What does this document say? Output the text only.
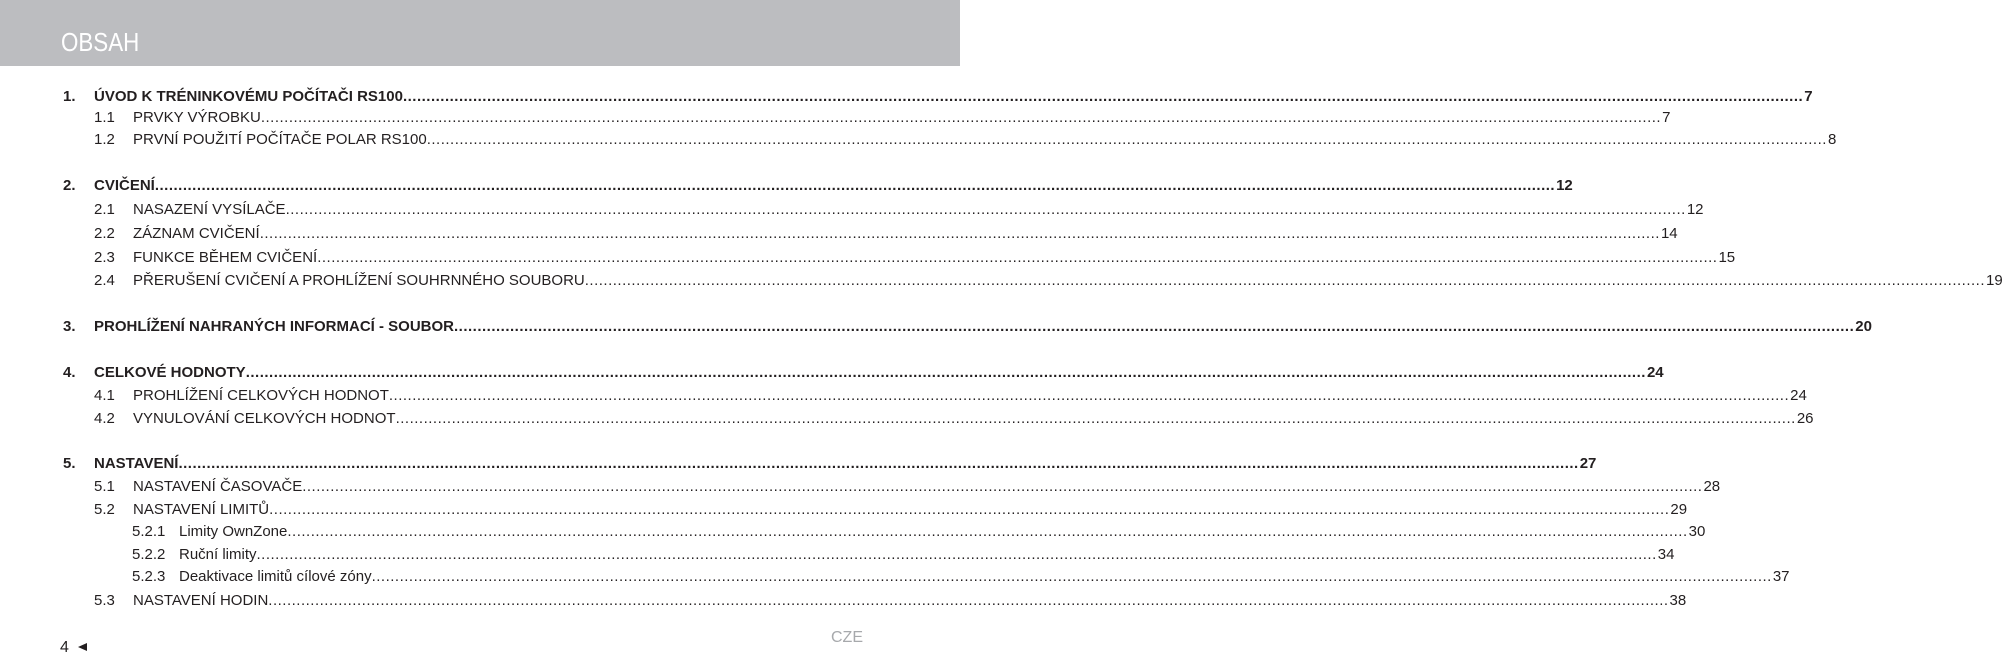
OBSAH
1. ÚVOD K TRÉNINKOVÉMU POČÍTAČI RS100 ............................................................................................................................................................................................................................................................................................................ 7
1.1 PRVKY VÝROBKU ............................................................................................................................................................................................................................................................................................................ 7
1.2 PRVNÍ POUŽITÍ POČÍTAČE POLAR RS100 ............................................................................................................................................................................................................................................................................................................ 8
2. CVIČENÍ ............................................................................................................................................................................................................................................................................................................ 12
2.1 NASAZENÍ VYSÍLAČE ............................................................................................................................................................................................................................................................................................................ 12
2.2 ZÁZNAM CVIČENÍ ............................................................................................................................................................................................................................................................................................................ 14
2.3 FUNKCE BĚHEM CVIČENÍ ............................................................................................................................................................................................................................................................................................................ 15
2.4 PŘERUŠENÍ CVIČENÍ A PROHLÍŽENÍ SOUHRNNÉHO SOUBORU ............................................................................................................................................................................................................................................................................................................ 19
3. PROHLÍŽENÍ NAHRANÝCH INFORMACÍ - SOUBOR ............................................................................................................................................................................................................................................................................................................ 20
4. CELKOVÉ HODNOTY ............................................................................................................................................................................................................................................................................................................ 24
4.1 PROHLÍŽENÍ CELKOVÝCH HODNOT ............................................................................................................................................................................................................................................................................................................ 24
4.2 VYNULOVÁNÍ CELKOVÝCH HODNOT ............................................................................................................................................................................................................................................................................................................ 26
5. NASTAVENÍ ............................................................................................................................................................................................................................................................................................................ 27
5.1 NASTAVENÍ ČASOVAČE ............................................................................................................................................................................................................................................................................................................ 28
5.2 NASTAVENÍ LIMITŮ ............................................................................................................................................................................................................................................................................................................ 29
5.2.1 Limity OwnZone ............................................................................................................................................................................................................................................................................................................ 30
5.2.2 Ruční limity ............................................................................................................................................................................................................................................................................................................ 34
5.2.3 Deaktivace limitů cílové zóny ............................................................................................................................................................................................................................................................................................................ 37
5.3 NASTAVENÍ HODIN ............................................................................................................................................................................................................................................................................................................ 38
4
CZE
